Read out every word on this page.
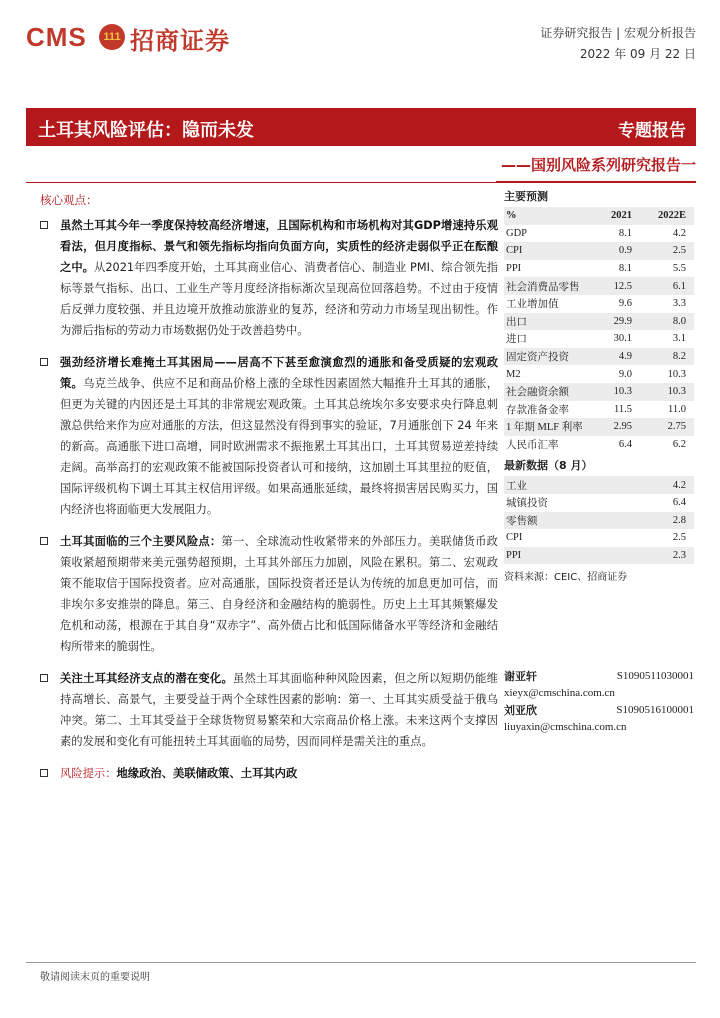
CMS	111 招商证券	证券研究报告 | 宏观分析报告
2022 年 09 月 22 日
土耳其风险评估：隐而未发	专题报告
——国别风险系列研究报告一
核心观点：
虽然土耳其今年一季度保持较高经济增速，且国际机构和市场机构对其GDP增速持乐观看法，但月度指标、景气和领先指标均指向负面方向，实质性的经济走弱似乎正在酝酿之中。从2021年四季度开始，土耳其商业信心、消费者信心、制造业 PMI、综合领先指标等景气指标、出口、工业生产等月度经济指标渐次呈现高位回落趋势。不过由于疫情后反弹力度较强、并且边境开放推动旅游业的复苏，经济和劳动力市场呈现出韧性。作为滞后指标的劳动力市场数据仍处于改善趋势中。
强劲经济增长难掩土耳其困局——居高不下甚至愈演愈烈的通胀和备受质疑的宏观政策。乌克兰战争、供应不足和商品价格上涨的全球性因素固然大幅推升土耳其的通胀，但更为关键的内因还是土耳其的非常规宏观政策。土耳其总统埃尔多安要求央行降息刺激总供给来作为应对通胀的方法，但这显然没有得到事实的验证，7月通胀创下 24 年来的新高。高通胀下进口高增，同时欧洲需求不振拖累土耳其出口，土耳其贸易逆差持续走阔。高举高打的宏观政策不能被国际投资者认可和接纳，这加剧土耳其里拉的贬值，国际评级机构下调土耳其主权信用评级。如果高通胀延续，最终将损害居民购买力，国内经济也将面临更大发展阻力。
土耳其面临的三个主要风险点：第一、全球流动性收紧带来的外部压力。美联储货币政策收紧超预期带来美元强势超预期，土耳其外部压力加剧，风险在累积。第二、宏观政策不能取信于国际投资者。应对高通胀，国际投资者还是认为传统的加息更加可信，而非埃尔多安推崇的降息。第三、自身经济和金融结构的脆弱性。历史上土耳其频繁爆发危机和动荡，根源在于其自身“双赤字”、高外债占比和低国际储备水平等经济和金融结构所带来的脆弱性。
关注土耳其经济支点的潜在变化。虽然土耳其面临种种风险因素，但之所以短期仍能维持高增长、高景气，主要受益于两个全球性因素的影响：第一、土耳其实质受益于俄乌冲突。第二、土耳其受益于全球货物贸易繁荣和大宗商品价格上涨。未来这两个支撑因素的发展和变化有可能扭转土耳其面临的局势，因而同样是需关注的重点。
风险提示：地缘政治、美联储政策、土耳其内政
主要预测
%	2021	2022E
GDP	8.1	4.2
CPI	0.9	2.5
PPI	8.1	5.5
社会消费品零售	12.5	6.1
工业增加值	9.6	3.3
出口	29.9	8.0
进口	30.1	3.1
固定资产投资	4.9	8.2
M2	9.0	10.3
社会融资余额	10.3	10.3
存款准备金率	11.5	11.0
1 年期 MLF 利率	2.95	2.75
人民币汇率	6.4	6.2
最新数据（8 月）
工业	4.2
城镇投资	6.4
零售额	2.8
CPI	2.5
PPI	2.3
资料来源：CEIC、招商证券
谢亚轩	S1090511030001
xieyx@cmschina.com.cn
刘亚欣	S1090516100001
liuyaxin@cmschina.com.cn
敬请阅读末页的重要说明
